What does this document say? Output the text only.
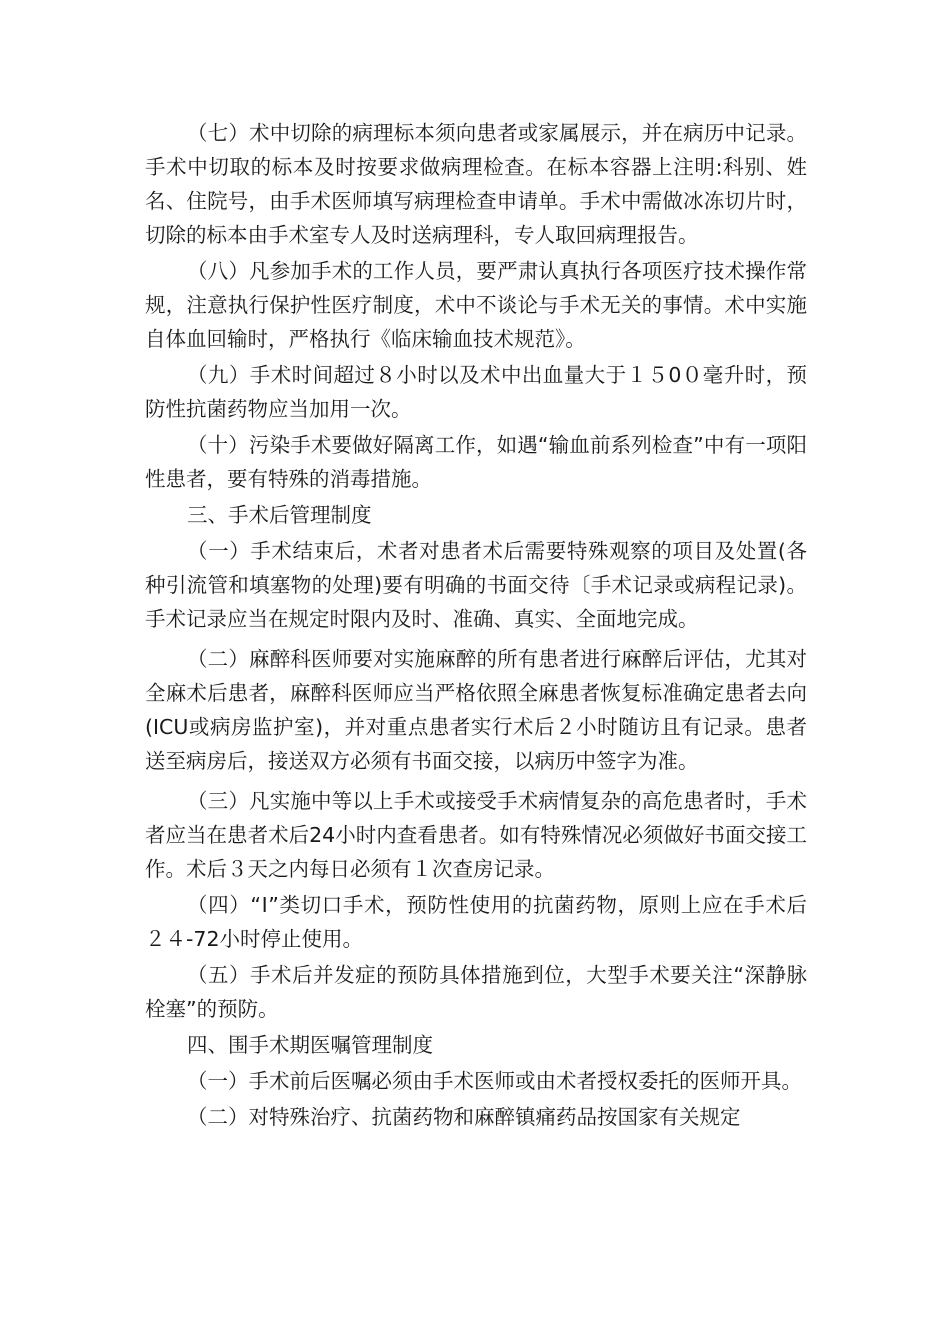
（七）术中切除的病理标本须向患者或家属展示，并在病历中记录。手术中切取的标本及时按要求做病理检查。在标本容器上注明:科别、姓名、住院号，由手术医师填写病理检查申请单。手术中需做冰冻切片时，切除的标本由手术室专人及时送病理科，专人取回病理报告。

（八）凡参加手术的工作人员，要严肃认真执行各项医疗技术操作常规，注意执行保护性医疗制度，术中不谈论与手术无关的事情。术中实施自体血回输时，严格执行《临床输血技术规范》。

（九）手术时间超过８小时以及术中出血量大于１５0０毫升时，预防性抗菌药物应当加用一次。

（十）污染手术要做好隔离工作，如遇“输血前系列检查”中有一项阳性患者，要有特殊的消毒措施。

三、手术后管理制度

（一）手术结束后，术者对患者术后需要特殊观察的项目及处置(各种引流管和填塞物的处理)要有明确的书面交待〔手术记录或病程记录)。手术记录应当在规定时限内及时、准确、真实、全面地完成。

（二）麻醉科医师要对实施麻醉的所有患者进行麻醉后评估，尤其对全麻术后患者，麻醉科医师应当严格依照全麻患者恢复标准确定患者去向(ICU或病房监护室)，并对重点患者实行术后２小时随访且有记录。患者送至病房后，接送双方必须有书面交接，以病历中签字为准。

（三）凡实施中等以上手术或接受手术病情复杂的高危患者时，手术者应当在患者术后24小时内查看患者。如有特殊情况必须做好书面交接工作。术后３天之内每日必须有１次查房记录。

（四）“Ⅰ”类切口手术，预防性使用的抗菌药物，原则上应在手术后 ２４-72小时停止使用。

（五）手术后并发症的预防具体措施到位，大型手术要关注“深静脉栓塞”的预防。

四、围手术期医嘱管理制度

（一）手术前后医嘱必须由手术医师或由术者授权委托的医师开具。

（二）对特殊治疗、抗菌药物和麻醉镇痛药品按国家有关规定
